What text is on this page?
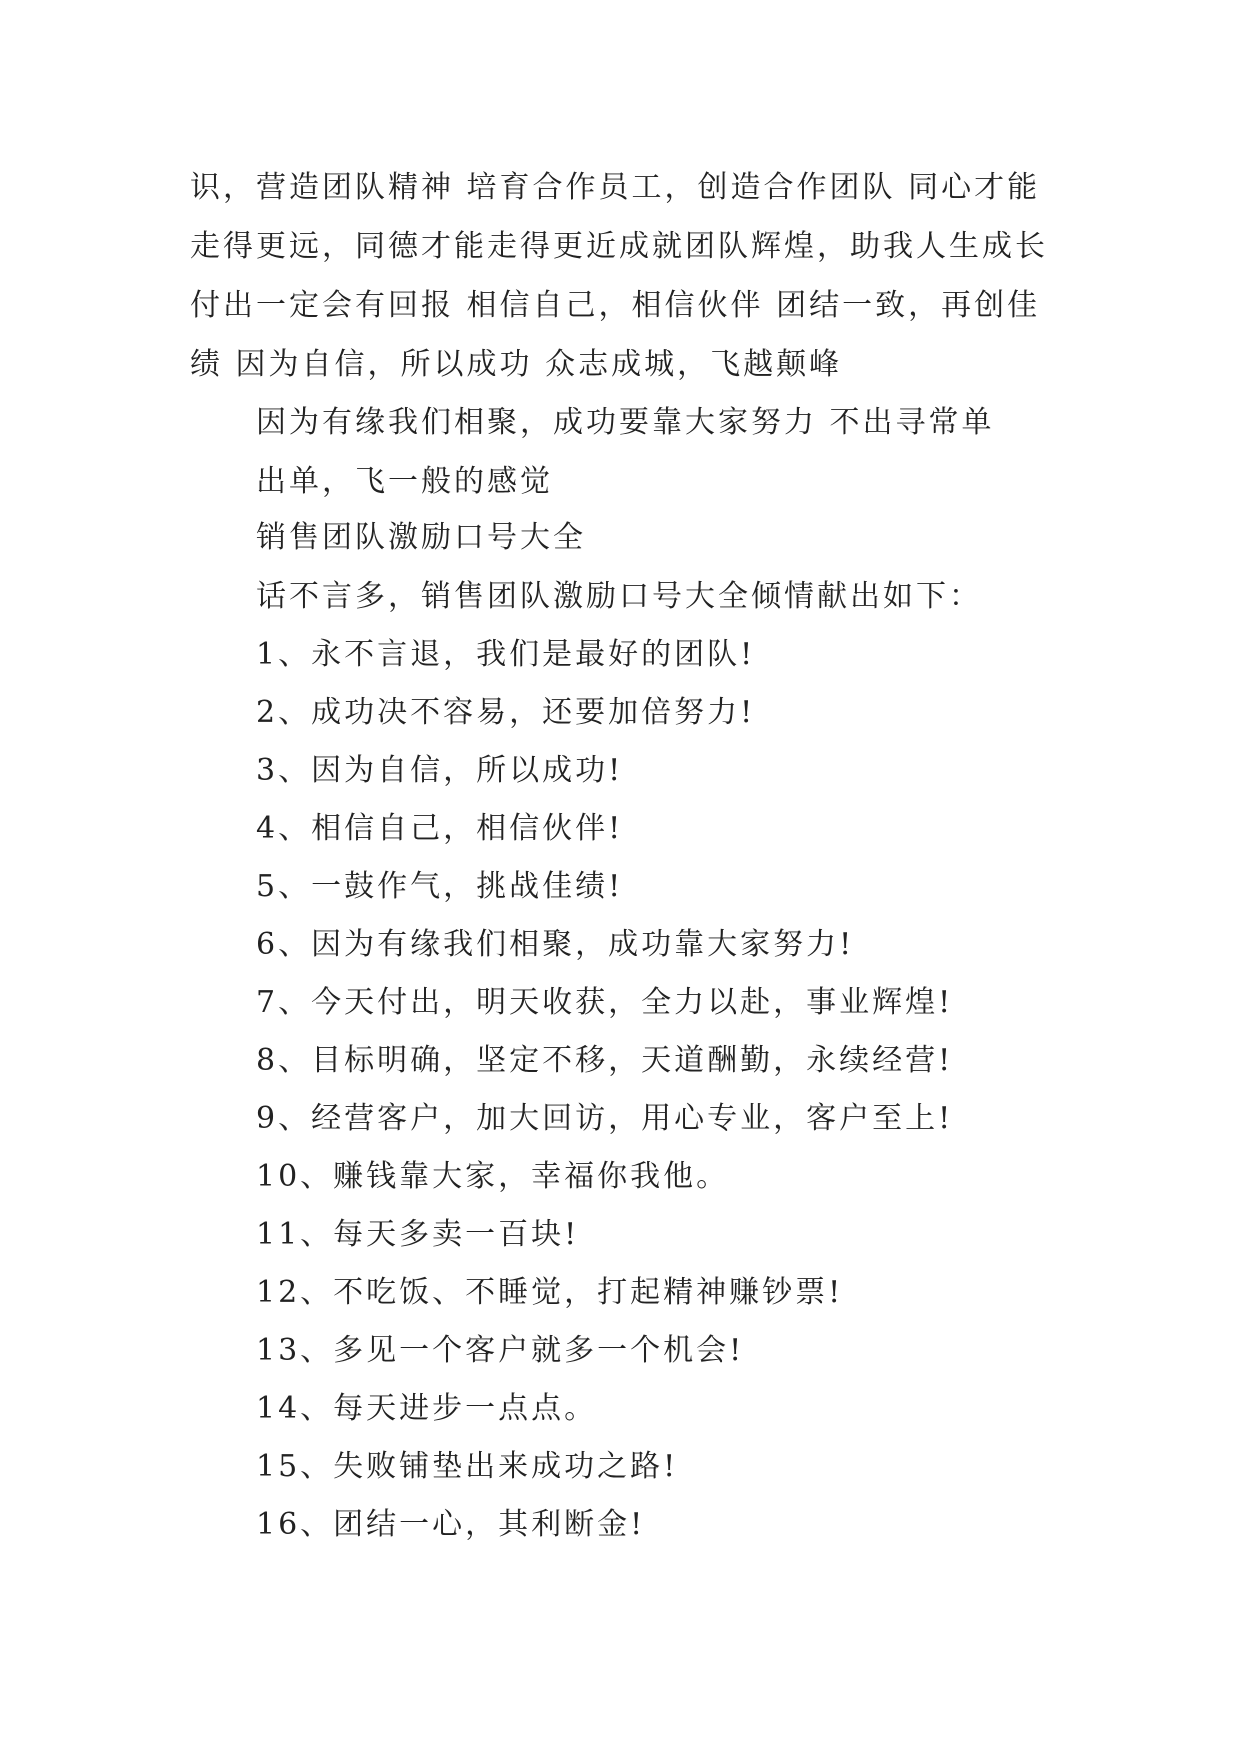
识，营造团队精神 培育合作员工，创造合作团队 同心才能
走得更远，同德才能走得更近成就团队辉煌，助我人生成长
付出一定会有回报 相信自己，相信伙伴 团结一致，再创佳
绩 因为自信，所以成功 众志成城，飞越颠峰

因为有缘我们相聚，成功要靠大家努力 不出寻常单
出单，飞一般的感觉

销售团队激励口号大全

话不言多，销售团队激励口号大全倾情献出如下：

1、永不言退，我们是最好的团队!
2、成功决不容易，还要加倍努力!
3、因为自信，所以成功!
4、相信自己，相信伙伴!
5、一鼓作气，挑战佳绩!
6、因为有缘我们相聚，成功靠大家努力!
7、今天付出，明天收获，全力以赴，事业辉煌!
8、目标明确，坚定不移，天道酬勤，永续经营!
9、经营客户，加大回访，用心专业，客户至上!
10、赚钱靠大家，幸福你我他。
11、每天多卖一百块!
12、不吃饭、不睡觉，打起精神赚钞票!
13、多见一个客户就多一个机会!
14、每天进步一点点。
15、失败铺垫出来成功之路!
16、团结一心，其利断金!
